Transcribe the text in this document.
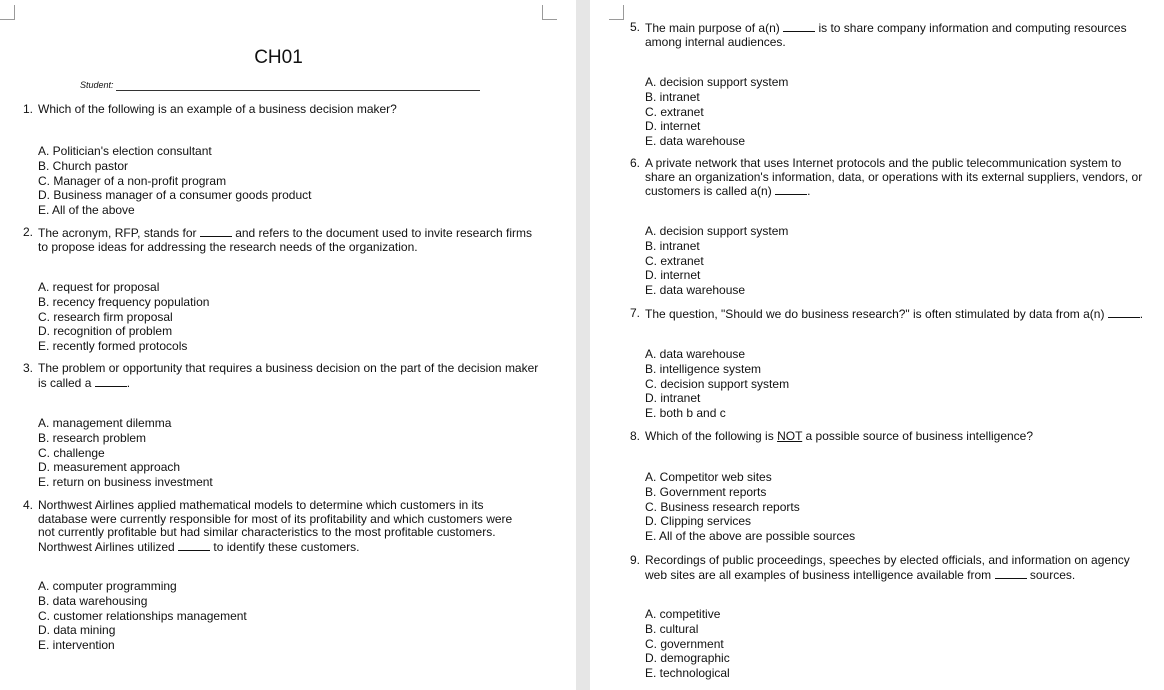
CH01
Student:
1. Which of the following is an example of a business decision maker?
A. Politician's election consultant
B. Church pastor
C. Manager of a non-profit program
D. Business manager of a consumer goods product
E. All of the above
2. The acronym, RFP, stands for	and refers to the document used to invite research firms to propose ideas for addressing the research needs of the organization.
A. request for proposal
B. recency frequency population
C. research firm proposal
D. recognition of problem
E. recently formed protocols
3. The problem or opportunity that requires a business decision on the part of the decision maker is called a	.
A. management dilemma
B. research problem
C. challenge
D. measurement approach
E. return on business investment
4. Northwest Airlines applied mathematical models to determine which customers in its database were currently responsible for most of its profitability and which customers were not currently profitable but had similar characteristics to the most profitable customers. Northwest Airlines utilized	to identify these customers.
A. computer programming
B. data warehousing
C. customer relationships management
D. data mining
E. intervention
5. The main purpose of a(n)	is to share company information and computing resources among internal audiences.
A. decision support system
B. intranet
C. extranet
D. internet
E. data warehouse
6. A private network that uses Internet protocols and the public telecommunication system to share an organization's information, data, or operations with its external suppliers, vendors, or customers is called a(n)	.
A. decision support system
B. intranet
C. extranet
D. internet
E. data warehouse
7. The question, "Should we do business research?" is often stimulated by data from a(n)	.
A. data warehouse
B. intelligence system
C. decision support system
D. intranet
E. both b and c
8. Which of the following is NOT a possible source of business intelligence?
A. Competitor web sites
B. Government reports
C. Business research reports
D. Clipping services
E. All of the above are possible sources
9. Recordings of public proceedings, speeches by elected officials, and information on agency web sites are all examples of business intelligence available from	sources.
A. competitive
B. cultural
C. government
D. demographic
E. technological
